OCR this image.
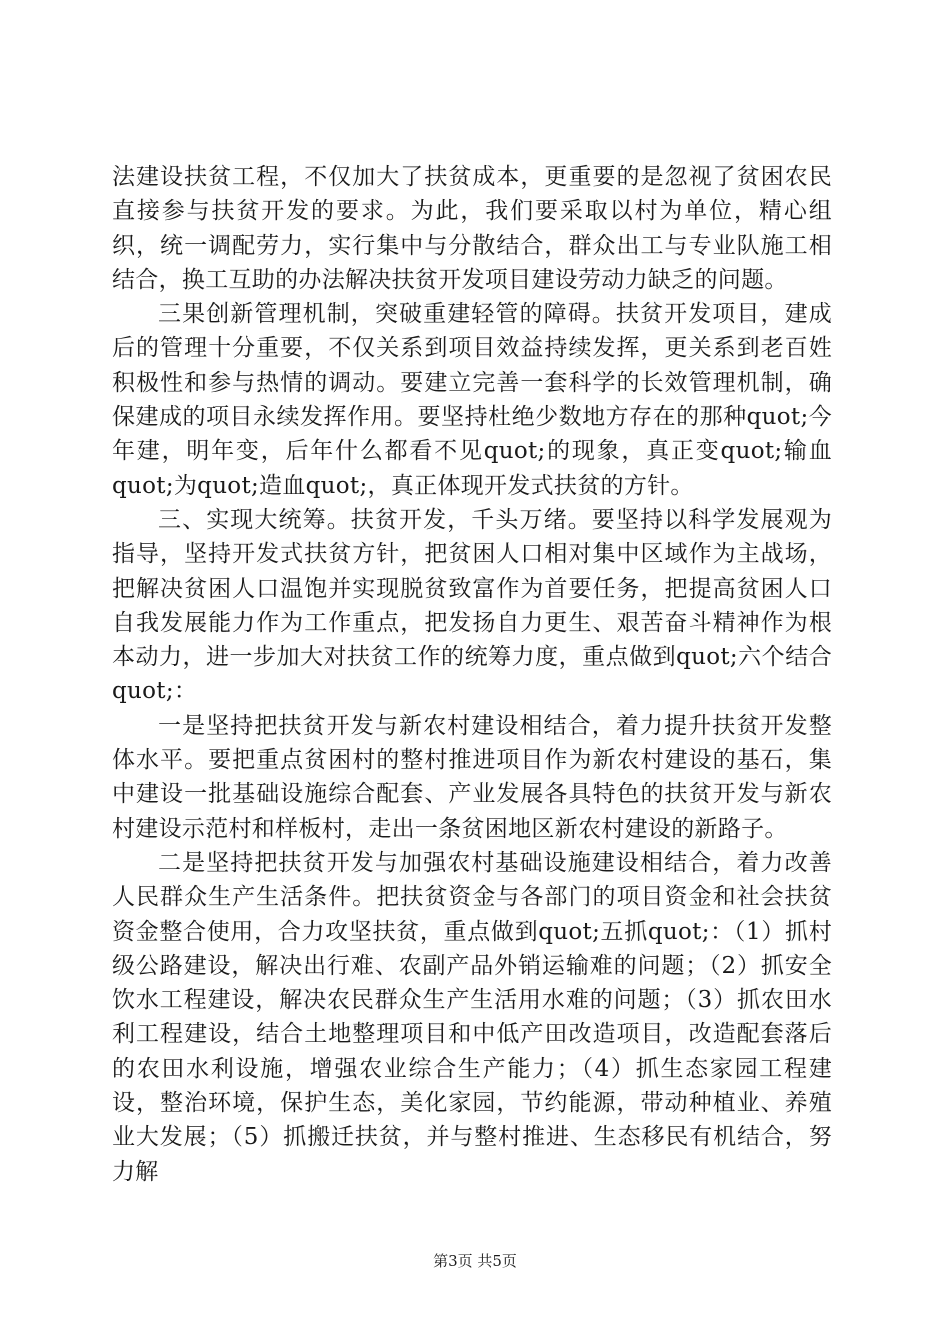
法建设扶贫工程，不仅加大了扶贫成本，更重要的是忽视了贫困农民直接参与扶贫开发的要求。为此，我们要采取以村为单位，精心组织，统一调配劳力，实行集中与分散结合，群众出工与专业队施工相结合，换工互助的办法解决扶贫开发项目建设劳动力缺乏的问题。

三果创新管理机制，突破重建轻管的障碍。扶贫开发项目，建成后的管理十分重要，不仅关系到项目效益持续发挥，更关系到老百姓积极性和参与热情的调动。要建立完善一套科学的长效管理机制，确保建成的项目永续发挥作用。要坚持杜绝少数地方存在的那种quot;今年建，明年变，后年什么都看不见quot;的现象，真正变quot;输血quot;为quot;造血quot;，真正体现开发式扶贫的方针。

三、实现大统筹。扶贫开发，千头万绪。要坚持以科学发展观为指导，坚持开发式扶贫方针，把贫困人口相对集中区域作为主战场，把解决贫困人口温饱并实现脱贫致富作为首要任务，把提高贫困人口自我发展能力作为工作重点，把发扬自力更生、艰苦奋斗精神作为根本动力，进一步加大对扶贫工作的统筹力度，重点做到quot;六个结合quot;：

一是坚持把扶贫开发与新农村建设相结合，着力提升扶贫开发整体水平。要把重点贫困村的整村推进项目作为新农村建设的基石，集中建设一批基础设施综合配套、产业发展各具特色的扶贫开发与新农村建设示范村和样板村，走出一条贫困地区新农村建设的新路子。

二是坚持把扶贫开发与加强农村基础设施建设相结合，着力改善人民群众生产生活条件。把扶贫资金与各部门的项目资金和社会扶贫资金整合使用，合力攻坚扶贫，重点做到quot;五抓quot;：（1）抓村级公路建设，解决出行难、农副产品外销运输难的问题；（2）抓安全饮水工程建设，解决农民群众生产生活用水难的问题；（3）抓农田水利工程建设，结合土地整理项目和中低产田改造项目，改造配套落后的农田水利设施，增强农业综合生产能力；（4）抓生态家园工程建设，整治环境，保护生态，美化家园，节约能源，带动种植业、养殖业大发展；（5）抓搬迁扶贫，并与整村推进、生态移民有机结合，努力解

第3页 共5页
